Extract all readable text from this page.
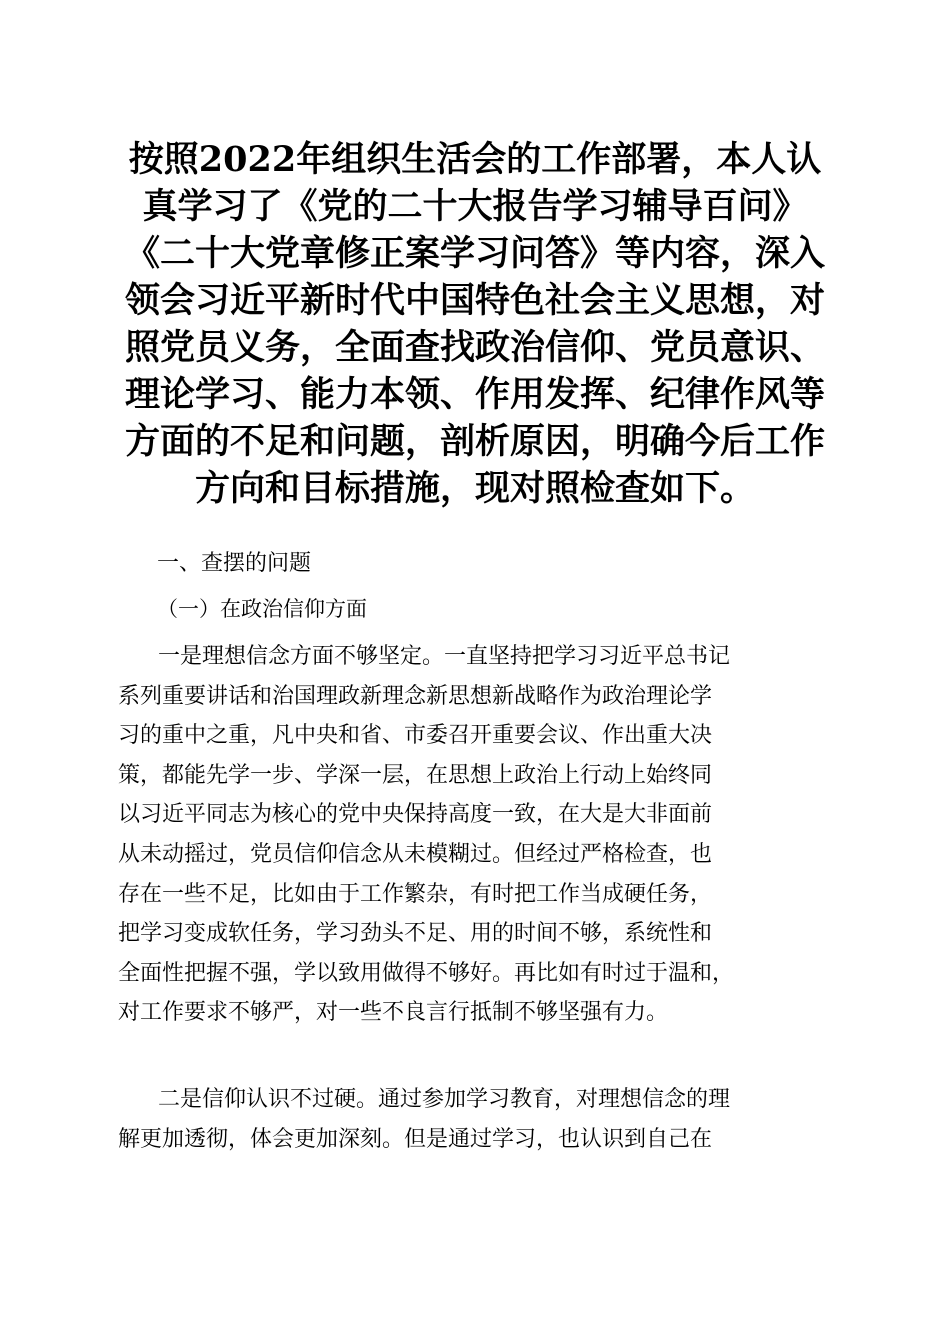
按照2022年组织生活会的工作部署，本人认
真学习了《党的二十大报告学习辅导百问》
《二十大党章修正案学习问答》等内容，深入
领会习近平新时代中国特色社会主义思想，对
照党员义务，全面查找政治信仰、党员意识、
理论学习、能力本领、作用发挥、纪律作风等
方面的不足和问题，剖析原因，明确今后工作
方向和目标措施，现对照检查如下。
一、查摆的问题
（一）在政治信仰方面
一是理想信念方面不够坚定。一直坚持把学习习近平总书记
系列重要讲话和治国理政新理念新思想新战略作为政治理论学
习的重中之重，凡中央和省、市委召开重要会议、作出重大决
策，都能先学一步、学深一层，在思想上政治上行动上始终同
以习近平同志为核心的党中央保持高度一致，在大是大非面前
从未动摇过，党员信仰信念从未模糊过。但经过严格检查，也
存在一些不足，比如由于工作繁杂，有时把工作当成硬任务，
把学习变成软任务，学习劲头不足、用的时间不够，系统性和
全面性把握不强，学以致用做得不够好。再比如有时过于温和，
对工作要求不够严，对一些不良言行抵制不够坚强有力。
二是信仰认识不过硬。通过参加学习教育，对理想信念的理
解更加透彻，体会更加深刻。但是通过学习，也认识到自己在
